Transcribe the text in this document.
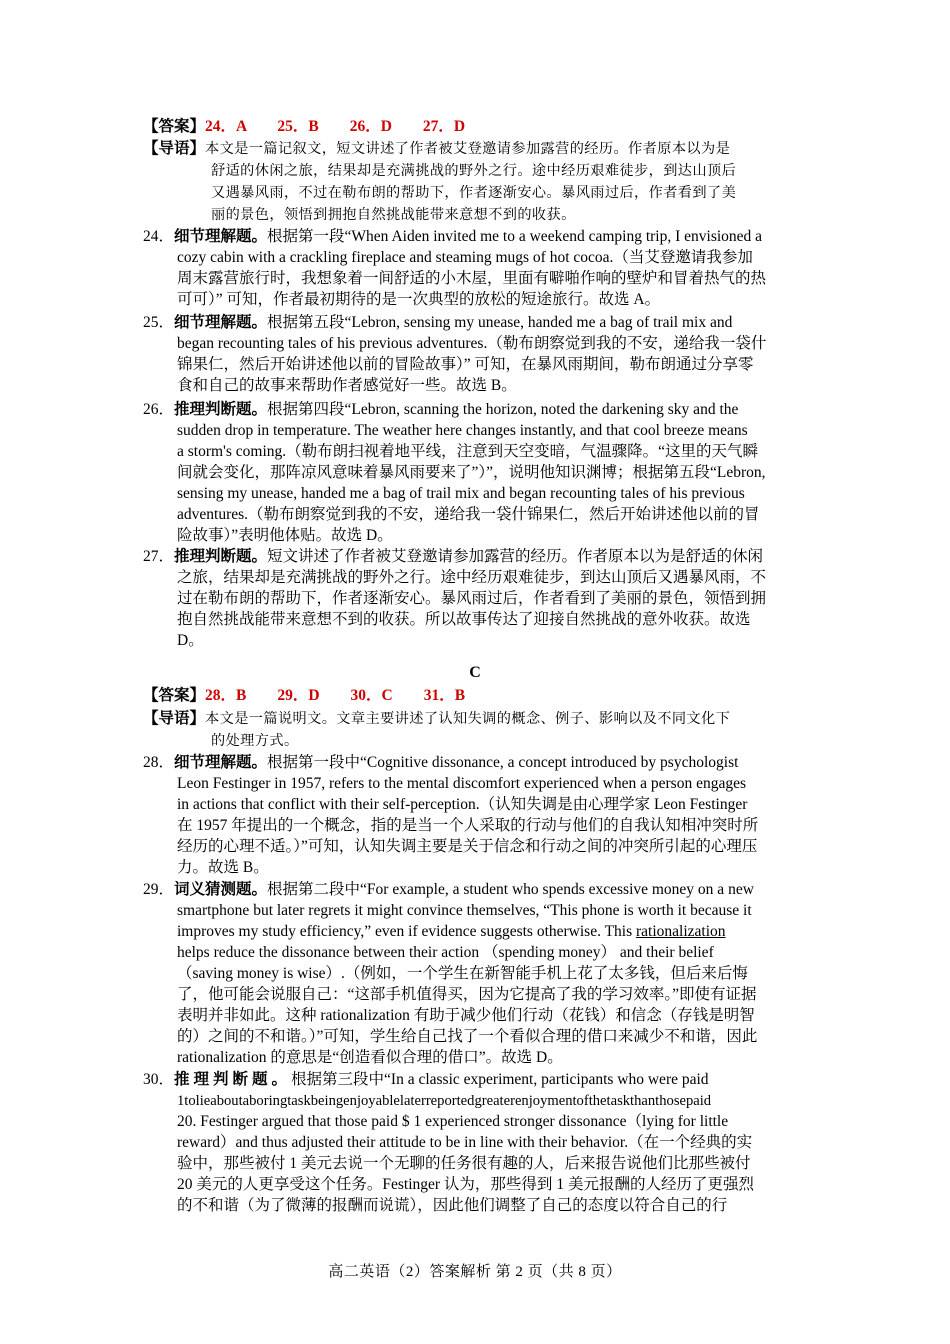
【答案】24．A　　25．B　　26．D　　27．D
【导语】本文是一篇记叙文，短文讲述了作者被艾登邀请参加露营的经历。作者原本以为是
舒适的休闲之旅，结果却是充满挑战的野外之行。途中经历艰难徒步，到达山顶后
又遇暴风雨，不过在勒布朗的帮助下，作者逐渐安心。暴风雨过后，作者看到了美
丽的景色，领悟到拥抱自然挑战能带来意想不到的收获。
24．细节理解题。根据第一段“When Aiden invited me to a weekend camping trip, I envisioned a
cozy cabin with a crackling fireplace and steaming mugs of hot cocoa.（当艾登邀请我参加
周末露营旅行时，我想象着一间舒适的小木屋，里面有噼啪作响的壁炉和冒着热气的热
可可）” 可知，作者最初期待的是一次典型的放松的短途旅行。故选 A。
25．细节理解题。根据第五段“Lebron, sensing my unease, handed me a bag of trail mix and
began recounting tales of his previous adventures.（勒布朗察觉到我的不安，递给我一袋什
锦果仁，然后开始讲述他以前的冒险故事）” 可知，在暴风雨期间，勒布朗通过分享零
食和自己的故事来帮助作者感觉好一些。故选 B。
26．推理判断题。根据第四段“Lebron, scanning the horizon, noted the darkening sky and the
sudden drop in temperature. The weather here changes instantly, and that cool breeze means
a storm's coming.（勒布朗扫视着地平线，注意到天空变暗，气温骤降。“这里的天气瞬
间就会变化，那阵凉风意味着暴风雨要来了”）”，说明他知识渊博；根据第五段“Lebron,
sensing my unease, handed me a bag of trail mix and began recounting tales of his previous
adventures.（勒布朗察觉到我的不安，递给我一袋什锦果仁，然后开始讲述他以前的冒
险故事）”表明他体贴。故选 D。
27．推理判断题。短文讲述了作者被艾登邀请参加露营的经历。作者原本以为是舒适的休闲
之旅，结果却是充满挑战的野外之行。途中经历艰难徒步，到达山顶后又遇暴风雨，不
过在勒布朗的帮助下，作者逐渐安心。暴风雨过后，作者看到了美丽的景色，领悟到拥
抱自然挑战能带来意想不到的收获。所以故事传达了迎接自然挑战的意外收获。故选
D。
C
【答案】28．B　　29．D　　30．C　　31．B
【导语】本文是一篇说明文。文章主要讲述了认知失调的概念、例子、影响以及不同文化下
的处理方式。
28．细节理解题。根据第一段中“Cognitive dissonance, a concept introduced by psychologist
Leon Festinger in 1957, refers to the mental discomfort experienced when a person engages
in actions that conflict with their self-perception.（认知失调是由心理学家 Leon Festinger
在 1957 年提出的一个概念，指的是当一个人采取的行动与他们的自我认知相冲突时所
经历的心理不适。）”可知，认知失调主要是关于信念和行动之间的冲突所引起的心理压
力。故选 B。
29．词义猜测题。根据第二段中“For example, a student who spends excessive money on a new
smartphone but later regrets it might convince themselves, “This phone is worth it because it
improves my study efficiency,” even if evidence suggests otherwise. This rationalization
helps reduce the dissonance between their action （spending money） and their belief
（saving money is wise）.（例如，一个学生在新智能手机上花了太多钱，但后来后悔
了，他可能会说服自己：“这部手机值得买，因为它提高了我的学习效率。”即使有证据
表明并非如此。这种 rationalization 有助于减少他们行动（花钱）和信念（存钱是明智
的）之间的不和谐。）”可知，学生给自己找了一个看似合理的借口来减少不和谐，因此
rationalization 的意思是“创造看似合理的借口”。故选 D。
30．推理判断题。根据第三段中“In a classic experiment, participants who were paid
1tolieaboutaboringtaskbeingenjoyablelaterreportedgreaterenjoymentofthetaskthanthosepaid
20. Festinger argued that those paid $ 1 experienced stronger dissonance（lying for little
reward）and thus adjusted their attitude to be in line with their behavior.（在一个经典的实
验中，那些被付 1 美元去说一个无聊的任务很有趣的人，后来报告说他们比那些被付
20 美元的人更享受这个任务。Festinger 认为，那些得到 1 美元报酬的人经历了更强烈
的不和谐（为了微薄的报酬而说谎），因此他们调整了自己的态度以符合自己的行
高二英语（2）答案解析 第 2 页（共 8 页）
